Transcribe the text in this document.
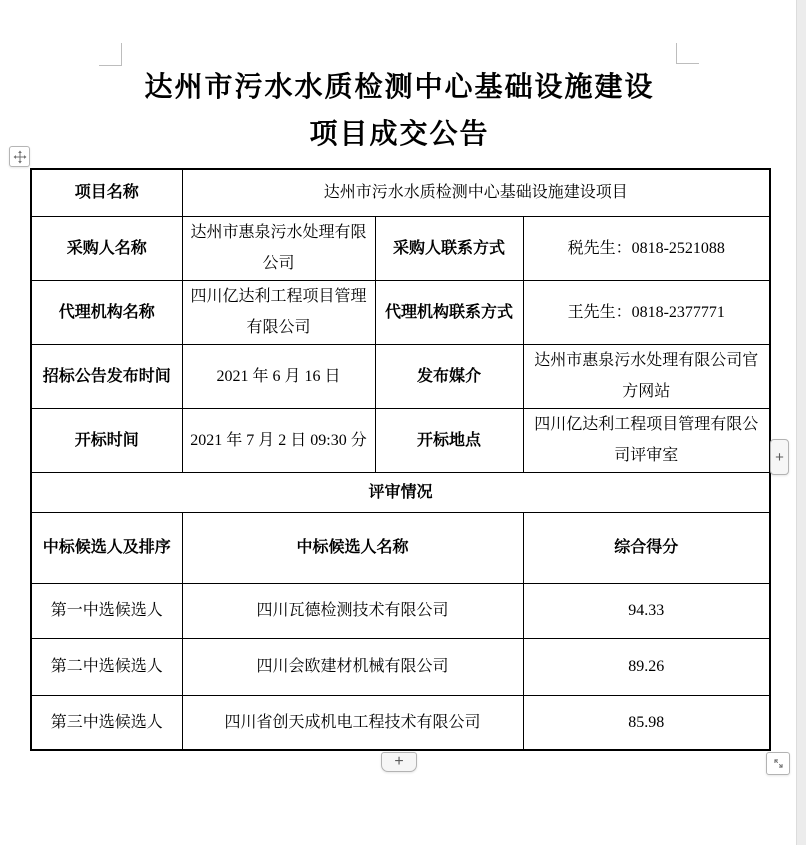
达州市污水水质检测中心基础设施建设
项目成交公告
项目名称	达州市污水水质检测中心基础设施建设项目		
采购人名称	达州市惠泉污水处理有限公司	采购人联系方式	税先生：0818-2521088
代理机构名称	四川亿达利工程项目管理有限公司	代理机构联系方式	王先生：0818-2377771
招标公告发布时间	2021 年 6 月 16 日	发布媒介	达州市惠泉污水处理有限公司官方网站
开标时间	2021 年 7 月 2 日 09:30 分	开标地点	四川亿达利工程项目管理有限公司评审室
评审情况			
中标候选人及排序	中标候选人名称		综合得分
第一中选候选人	四川瓦德检测技术有限公司		94.33
第二中选候选人	四川会欧建材机械有限公司		89.26
第三中选候选人	四川省创天成机电工程技术有限公司		85.98
+
+
